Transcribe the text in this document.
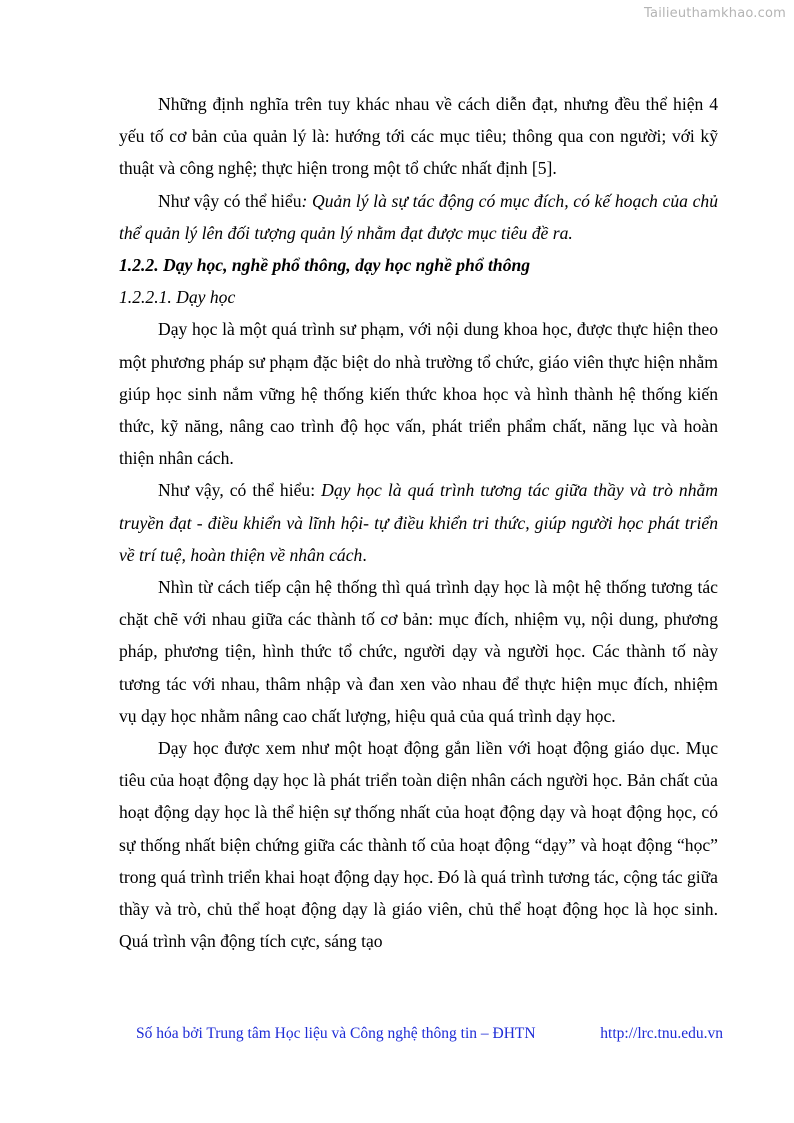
Tailieuthamkhao.com

Những định nghĩa trên tuy khác nhau về cách diễn đạt, nhưng đều thể hiện 4 yếu tố cơ bản của quản lý là: hướng tới các mục tiêu; thông qua con người; với kỹ thuật và công nghệ; thực hiện trong một tổ chức nhất định [5].

Như vậy có thể hiểu: Quản lý là sự tác động có mục đích, có kế hoạch của chủ thể quản lý lên đối tượng quản lý nhằm đạt được mục tiêu đề ra.

1.2.2. Dạy học, nghề phổ thông, dạy học nghề phổ thông

1.2.2.1. Dạy học

Dạy học là một quá trình sư phạm, với nội dung khoa học, được thực hiện theo một phương pháp sư phạm đặc biệt do nhà trường tổ chức, giáo viên thực hiện nhằm giúp học sinh nắm vững hệ thống kiến thức khoa học và hình thành hệ thống kiến thức, kỹ năng, nâng cao trình độ học vấn, phát triển phẩm chất, năng lục và hoàn thiện nhân cách.

Như vậy, có thể hiểu: Dạy học là quá trình tương tác giữa thầy và trò nhằm truyền đạt - điều khiển và lĩnh hội- tự điều khiển tri thức, giúp người học phát triển về trí tuệ, hoàn thiện về nhân cách.

Nhìn từ cách tiếp cận hệ thống thì quá trình dạy học là một hệ thống tương tác chặt chẽ với nhau giữa các thành tố cơ bản: mục đích, nhiệm vụ, nội dung, phương pháp, phương tiện, hình thức tổ chức, người dạy và người học. Các thành tố này tương tác với nhau, thâm nhập và đan xen vào nhau để thực hiện mục đích, nhiệm vụ dạy học nhằm nâng cao chất lượng, hiệu quả của quá trình dạy học.

Dạy học được xem như một hoạt động gắn liền với hoạt động giáo dục. Mục tiêu của hoạt động dạy học là phát triển toàn diện nhân cách người học. Bản chất của hoạt động dạy học là thể hiện sự thống nhất của hoạt động dạy và hoạt động học, có sự thống nhất biện chứng giữa các thành tố của hoạt động “dạy” và hoạt động “học” trong quá trình triển khai hoạt động dạy học. Đó là quá trình tương tác, cộng tác giữa thầy và trò, chủ thể hoạt động dạy là giáo viên, chủ thể hoạt động học là học sinh. Quá trình vận động tích cực, sáng tạo

Số hóa bởi Trung tâm Học liệu và Công nghệ thông tin – ĐHTN	http://lrc.tnu.edu.vn
